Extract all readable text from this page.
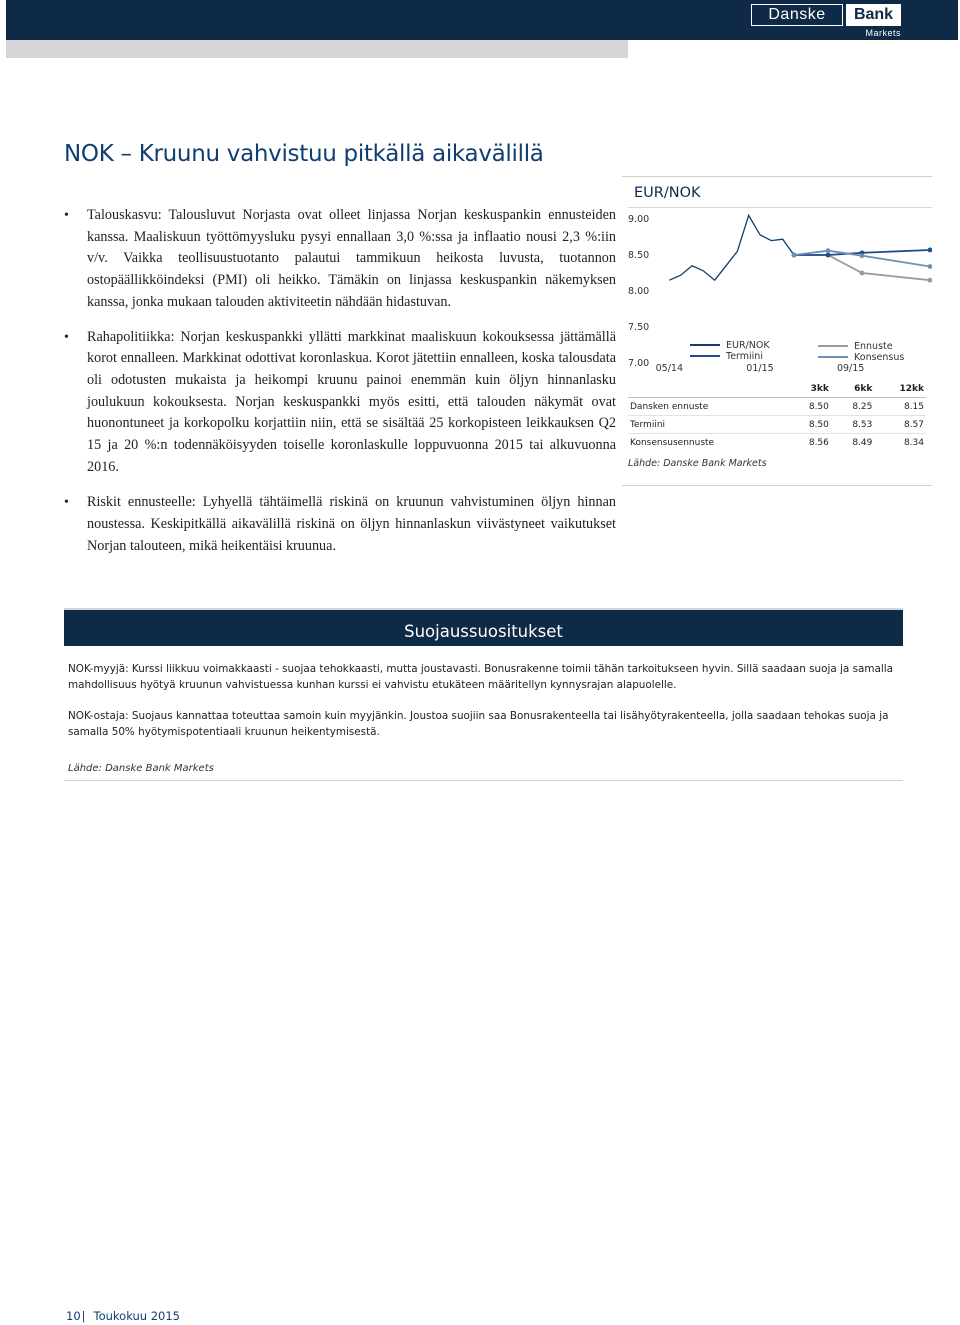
Danske	Bank
Markets
NOK – Kruunu vahvistuu pitkällä aikavälillä
• Talouskasvu: Talousluvut Norjasta ovat olleet linjassa Norjan keskuspankin ennusteiden kanssa. Maaliskuun työttömyysluku pysyi ennallaan 3,0 %:ssa ja inflaatio nousi 2,3 %:iin v/v. Vaikka teollisuustuotanto palautui tammikuun heikosta luvusta, tuotannon ostopäällikköindeksi (PMI) oli heikko. Tämäkin on linjassa keskuspankin näkemyksen kanssa, jonka mukaan talouden aktiviteetin nähdään hidastuvan.
• Rahapolitiikka: Norjan keskuspankki yllätti markkinat maaliskuun kokouksessa jättämällä korot ennalleen. Markkinat odottivat koronlaskua. Korot jätettiin ennalleen, koska talousdata oli odotusten mukaista ja heikompi kruunu painoi enemmän kuin öljyn hinnanlasku joulukuun kokouksesta. Norjan keskuspankki myös esitti, että talouden näkymät ovat huonontuneet ja korkopolku korjattiin niin, että se sisältää 25 korkopisteen leikkauksen Q2 15 ja 20 %:n todennäköisyyden toiselle koronlaskulle loppuvuonna 2015 tai alkuvuonna 2016.
• Riskit ennusteelle: Lyhyellä tähtäimellä riskinä on kruunun vahvistuminen öljyn hinnan noustessa. Keskipitkällä aikavälillä riskinä on öljyn hinnanlaskun viivästyneet vaikutukset Norjan talouteen, mikä heikentäisi kruunua.
EUR/NOK
9.00
8.50
8.00
7.50
7.00 05/14	01/15	09/15
EUR/NOK
Termiini
Ennuste
Konsensus
	3kk	6kk	12kk
Dansken ennuste	8.50	8.25	8.15
Termiini	8.50	8.53	8.57
Konsensusennuste	8.56	8.49	8.34
Lähde: Danske Bank Markets
Suojaussuositukset

NOK-myyjä: Kurssi liikkuu voimakkaasti - suojaa tehokkaasti, mutta joustavasti. Bonusrakenne toimii tähän tarkoitukseen hyvin. Sillä saadaan suoja ja samalla mahdollisuus hyötyä kruunun vahvistuessa kunhan kurssi ei vahvistu etukäteen määritellyn kynnysrajan alapuolelle.

NOK-ostaja: Suojaus kannattaa toteuttaa samoin kuin myyjänkin. Joustoa suojiin saa Bonusrakenteella tai lisähyötyrakenteella, jolla saadaan tehokas suoja ja samalla 50% hyötymispotentiaali kruunun heikentymisestä.

Lähde: Danske Bank Markets
10| Toukokuu 2015
